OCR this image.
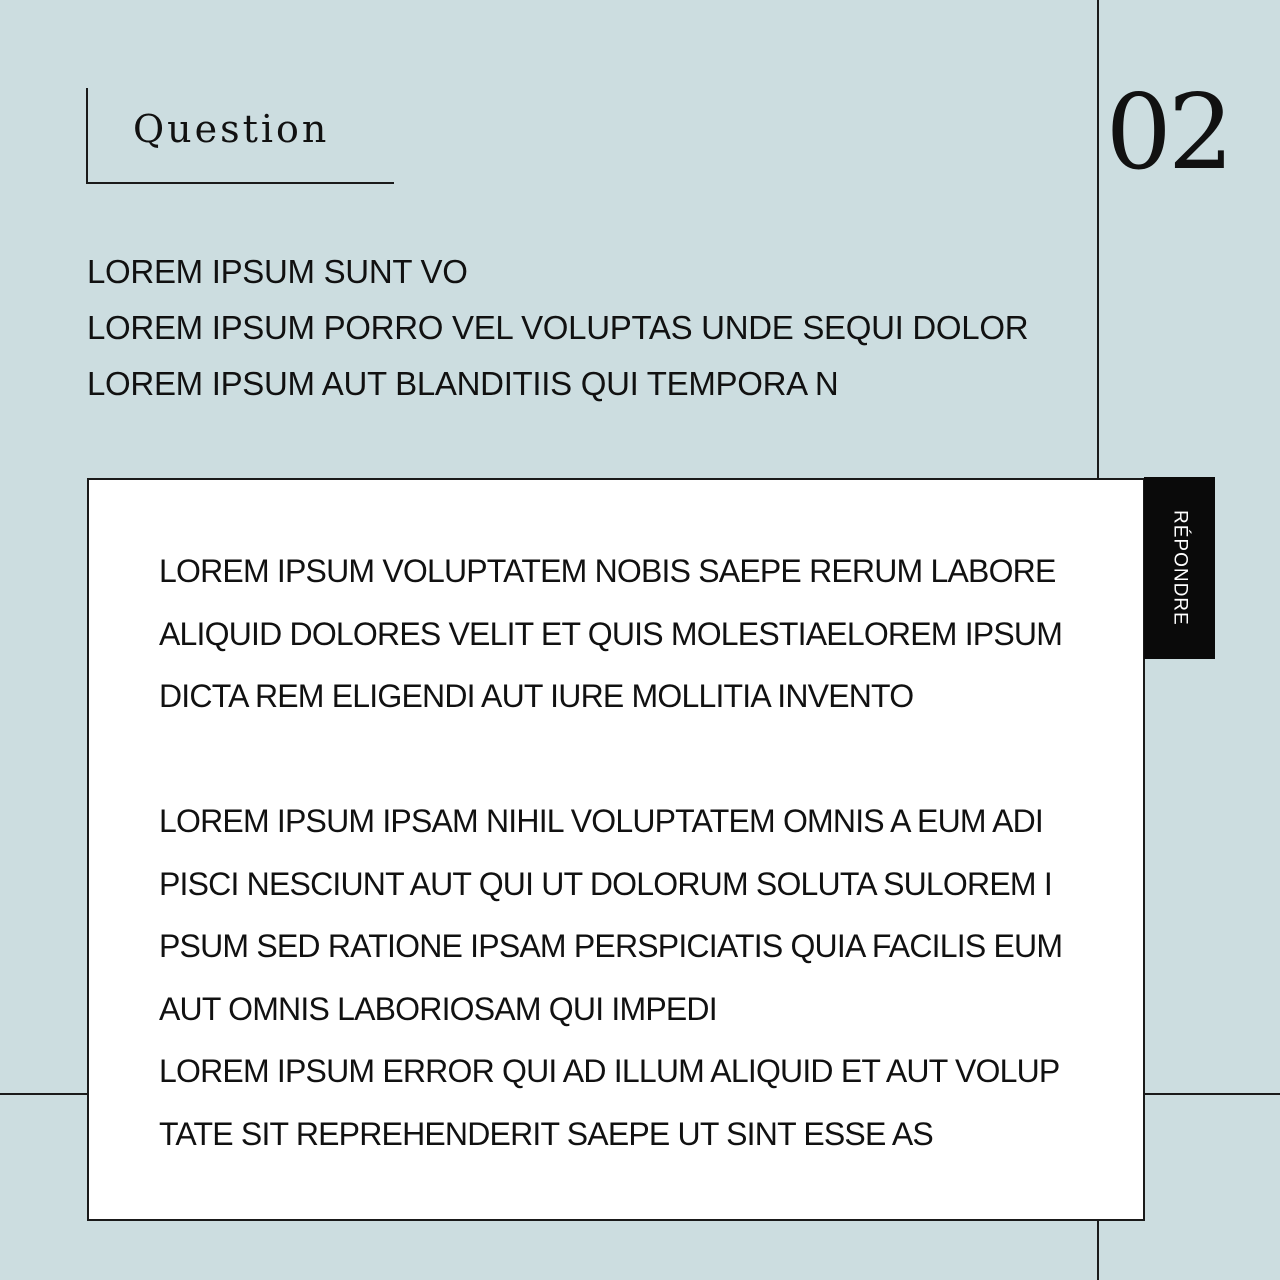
Question	02
LOREM IPSUM SUNT VO
LOREM IPSUM PORRO VEL VOLUPTAS UNDE SEQUI DOLOR
LOREM IPSUM AUT BLANDITIIS QUI TEMPORA N
LOREM IPSUM VOLUPTATEM NOBIS SAEPE RERUM LABORE
ALIQUID DOLORES VELIT ET QUIS MOLESTIAELOREM IPSUM
DICTA REM ELIGENDI AUT IURE MOLLITIA INVENTO
LOREM IPSUM IPSAM NIHIL VOLUPTATEM OMNIS A EUM ADI
PISCI NESCIUNT AUT QUI UT DOLORUM SOLUTA SULOREM I
PSUM SED RATIONE IPSAM PERSPICIATIS QUIA FACILIS EUM
AUT OMNIS LABORIOSAM QUI IMPEDI
LOREM IPSUM ERROR QUI AD ILLUM ALIQUID ET AUT VOLUP
TATE SIT REPREHENDERIT SAEPE UT SINT ESSE AS
RÉPONDRE
